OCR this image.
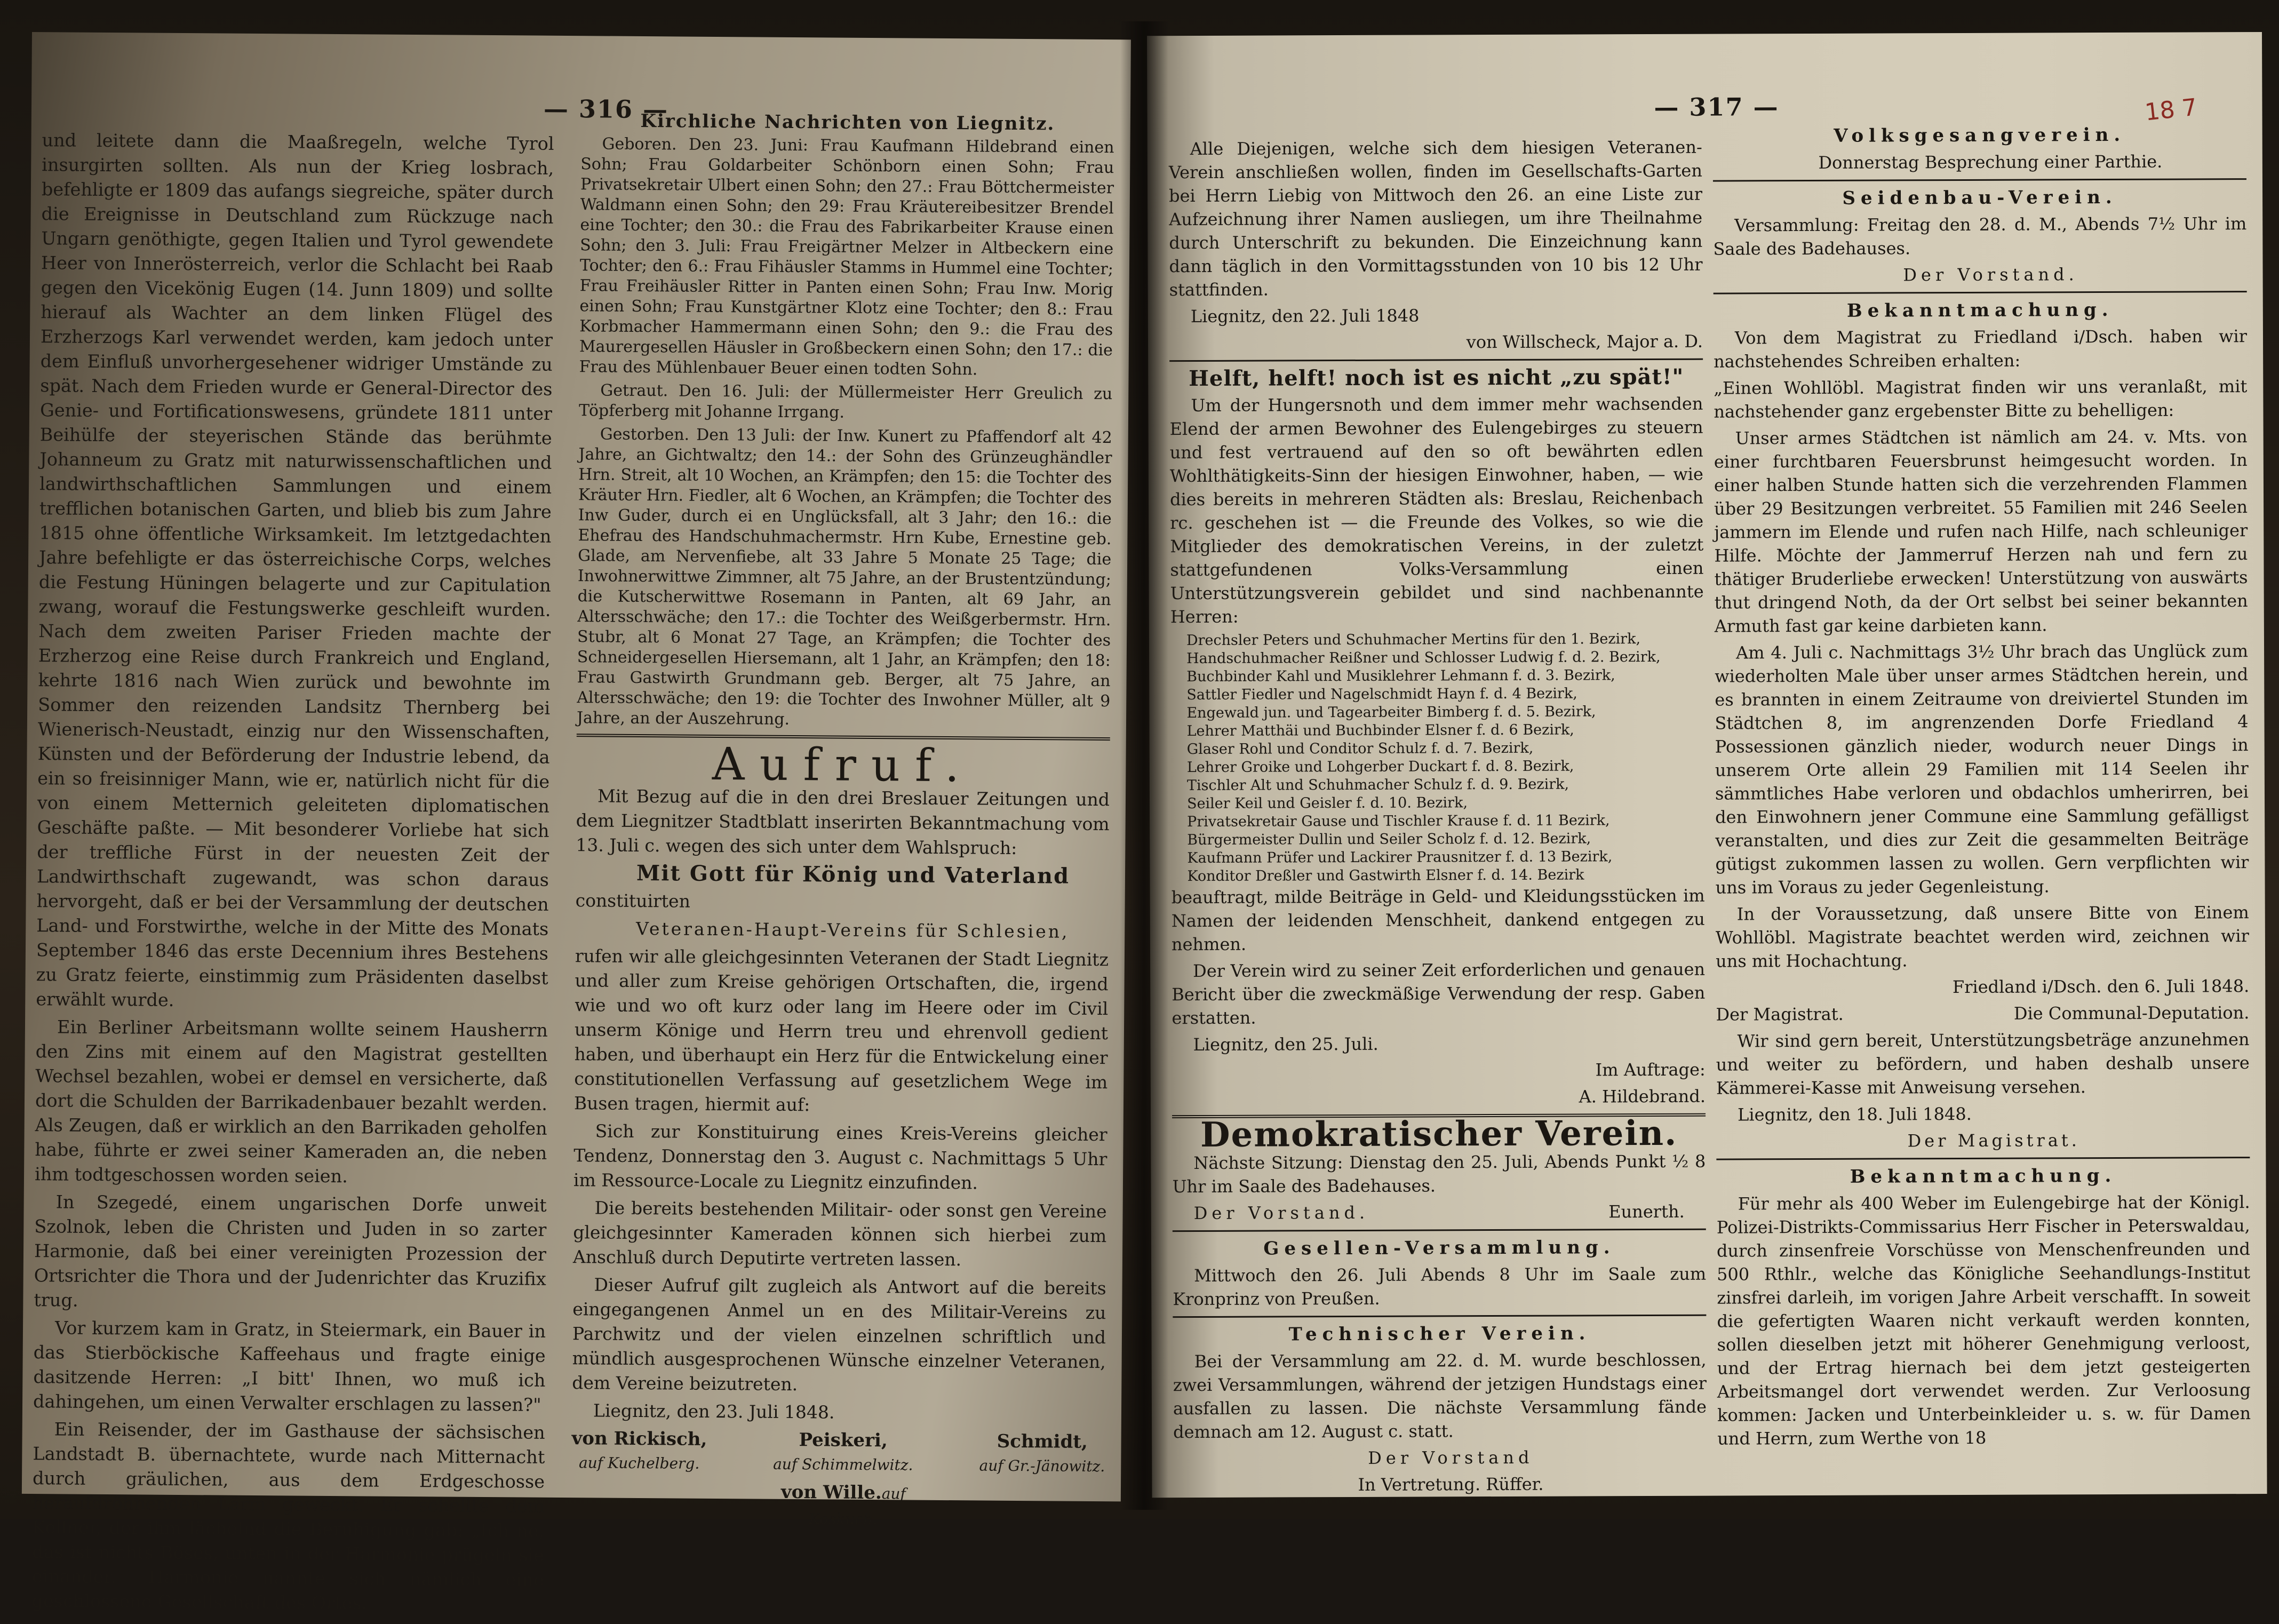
— 316 —

und leitete dann die Maaßregeln, welche Tyrol insurgirten sollten. Als nun der Krieg losbrach, befehligte er 1809 das aufangs siegreiche, später durch die Ereignisse in Deutschland zum Rückzuge nach Ungarn genöthigte, gegen Italien und Tyrol gewendete Heer von Innerösterreich, verlor die Schlacht bei Raab gegen den Vicekönig Eugen (14. Junn 1809) und sollte hierauf als Wachter an dem linken Flügel des Erzherzogs Karl verwendet werden, kam jedoch unter dem Einfluß unvorhergesehener widriger Umstände zu spät. Nach dem Frieden wurde er General-Director des Genie- und Fortificationswesens, gründete 1811 unter Beihülfe der steyerischen Stände das berühmte Johanneum zu Gratz mit naturwissenschaftlichen und landwirthschaftlichen Sammlungen und einem trefflichen botanischen Garten, und blieb bis zum Jahre 1815 ohne öffentliche Wirksamkeit. Im letztgedachten Jahre befehligte er das österreichische Corps, welches die Festung Hüningen belagerte und zur Capitulation zwang, worauf die Festungswerke geschleift wurden. Nach dem zweiten Pariser Frieden machte der Erzherzog eine Reise durch Frankreich und England, kehrte 1816 nach Wien zurück und bewohnte im Sommer den reizenden Landsitz Thernberg bei Wienerisch-Neustadt, einzig nur den Wissenschaften, Künsten und der Beförderung der Industrie lebend, da ein so freisinniger Mann, wie er, natürlich nicht für die von einem Metternich geleiteten diplomatischen Geschäfte paßte. — Mit besonderer Vorliebe hat sich der treffliche Fürst in der neuesten Zeit der Landwirthschaft zugewandt, was schon daraus hervorgeht, daß er bei der Versammlung der deutschen Land- und Forstwirthe, welche in der Mitte des Monats September 1846 das erste Decennium ihres Bestehens zu Gratz feierte, einstimmig zum Präsidenten daselbst erwählt wurde.

Ein Berliner Arbeitsmann wollte seinem Hausherrn den Zins mit einem auf den Magistrat gestellten Wechsel bezahlen, wobei er demsel en versicherte, daß dort die Schulden der Barrikadenbauer bezahlt werden. Als Zeugen, daß er wirklich an den Barrikaden geholfen habe, führte er zwei seiner Kameraden an, die neben ihm todtgeschossen worden seien.

In Szegedé, einem ungarischen Dorfe unweit Szolnok, leben die Christen und Juden in so zarter Harmonie, daß bei einer vereinigten Prozession der Ortsrichter die Thora und der Judenrichter das Kruzifix trug.

Vor kurzem kam in Gratz, in Steiermark, ein Bauer in das Stierböckische Kaffeehaus und fragte einige dasitzende Herren: „I bitt' Ihnen, wo muß ich dahingehen, um einen Verwalter erschlagen zu lassen?"

Ein Reisender, der im Gasthause der sächsischen Landstadt B. übernachtete, wurde nach Mitternacht durch gräulichen, aus dem Erdgeschosse heraufdröhnenden Lärm geweckt. Er schellte dem Kellner, der ihm lächelnd die Beruhigung gab: „Ich ne, das ist nichts Böses, unten in der Harmonie prügeln sie einander." Harmonie nannte sich nämlich eine geschlossene Gesellschaft des Ortes.

Kirchliche Nachrichten von Liegnitz.

Geboren. Den 23. Juni: Frau Kaufmann Hildebrand einen Sohn; Frau Goldarbeiter Schönborn einen Sohn; Frau Privatsekretair Ulbert einen Sohn; den 27.: Frau Böttchermeister Waldmann einen Sohn; den 29: Frau Kräutereibesitzer Brendel eine Tochter; den 30.: die Frau des Fabrikarbeiter Krause einen Sohn; den 3. Juli: Frau Freigärtner Melzer in Altbeckern eine Tochter; den 6.: Frau Fihäusler Stamms in Hummel eine Tochter; Frau Freihäusler Ritter in Panten einen Sohn; Frau Inw. Morig einen Sohn; Frau Kunstgärtner Klotz eine Tochter; den 8.: Frau Korbmacher Hammermann einen Sohn; den 9.: die Frau des Maurergesellen Häusler in Großbeckern einen Sohn; den 17.: die Frau des Mühlenbauer Beuer einen todten Sohn.

Getraut. Den 16. Juli: der Müllermeister Herr Greulich zu Töpferberg mit Johanne Irrgang.

Gestorben. Den 13 Juli: der Inw. Kunert zu Pfaffendorf alt 42 Jahre, an Gichtwaltz; den 14.: der Sohn des Grünzeughändler Hrn. Streit, alt 10 Wochen, an Krämpfen; den 15: die Tochter des Kräuter Hrn. Fiedler, alt 6 Wochen, an Krämpfen; die Tochter des Inw Guder, durch ei en Unglücksfall, alt 3 Jahr; den 16.: die Ehefrau des Handschuhmachermstr. Hrn Kube, Ernestine geb. Glade, am Nervenfiebe, alt 33 Jahre 5 Monate 25 Tage; die Inwohnerwittwe Zimmner, alt 75 Jahre, an der Brustentzündung; die Kutscherwittwe Rosemann in Panten, alt 69 Jahr, an Altersschwäche; den 17.: die Tochter des Weißgerbermstr. Hrn. Stubr, alt 6 Monat 27 Tage, an Krämpfen; die Tochter des Schneidergesellen Hiersemann, alt 1 Jahr, an Krämpfen; den 18: Frau Gastwirth Grundmann geb. Berger, alt 75 Jahre, an Altersschwäche; den 19: die Tochter des Inwohner Müller, alt 9 Jahre, an der Auszehrung.

Aufruf.

Mit Bezug auf die in den drei Breslauer Zeitungen und dem Liegnitzer Stadtblatt inserirten Bekanntmachung vom 13. Juli c. wegen des sich unter dem Wahlspruch:

Mit Gott für König und Vaterland

constituirten

Veteranen-Haupt-Vereins für Schlesien,

rufen wir alle gleichgesinnten Veteranen der Stadt Liegnitz und aller zum Kreise gehörigen Ortschaften, die, irgend wie und wo oft kurz oder lang im Heere oder im Civil unserm Könige und Herrn treu und ehrenvoll gedient haben, und überhaupt ein Herz für die Entwickelung einer constitutionellen Verfassung auf gesetzlichem Wege im Busen tragen, hiermit auf:

Sich zur Konstituirung eines Kreis-Vereins gleicher Tendenz, Donnerstag den 3. August c. Nachmittags 5 Uhr im Ressource-Locale zu Liegnitz einzufinden.

Die bereits bestehenden Militair- oder sonst gen Vereine gleichgesinnter Kameraden können sich hierbei zum Anschluß durch Deputirte vertreten lassen.

Dieser Aufruf gilt zugleich als Antwort auf die bereits eingegangenen Anmel un en des Militair-Vereins zu Parchwitz und der vielen einzelnen schriftlich und mündlich ausgesprochenen Wünsche einzelner Veteranen, dem Vereine beizutreten.

Liegnitz, den 23. Juli 1848.

von Rickisch,
auf Kuchelberg.
Peiskeri,
auf Schimmelwitz.
Schmidt,
auf Gr.-Jänowitz.
von Wille.auf Koskuch.
— 317 —	18 7

Alle Diejenigen, welche sich dem hiesigen Veteranen-Verein anschließen wollen, finden im Gesellschafts-Garten bei Herrn Liebig von Mittwoch den 26. an eine Liste zur Aufzeichnung ihrer Namen ausliegen, um ihre Theilnahme durch Unterschrift zu bekunden. Die Einzeichnung kann dann täglich in den Vormittagsstunden von 10 bis 12 Uhr stattfinden.

Liegnitz, den 22. Juli 1848

von Willscheck, Major a. D.

Helft, helft! noch ist es nicht „zu spät!"

Um der Hungersnoth und dem immer mehr wachsenden Elend der armen Bewohner des Eulengebirges zu steuern und fest vertrauend auf den so oft bewährten edlen Wohlthätigkeits-Sinn der hiesigen Einwohner, haben, — wie dies bereits in mehreren Städten als: Breslau, Reichenbach rc. geschehen ist — die Freunde des Volkes, so wie die Mitglieder des demokratischen Vereins, in der zuletzt stattgefundenen Volks-Versammlung einen Unterstützungsverein gebildet und sind nachbenannte Herren:

Drechsler Peters und Schuhmacher Mertins für den 1. Bezirk,
Handschuhmacher Reißner und Schlosser Ludwig f. d. 2. Bezirk,
Buchbinder Kahl und Musiklehrer Lehmann f. d. 3. Bezirk,
Sattler Fiedler und Nagelschmidt Hayn f. d. 4 Bezirk,
Engewald jun. und Tagearbeiter Bimberg f. d. 5. Bezirk,
Lehrer Matthäi und Buchbinder Elsner f. d. 6 Bezirk,
Glaser Rohl und Conditor Schulz f. d. 7. Bezirk,
Lehrer Groike und Lohgerber Duckart f. d. 8. Bezirk,
Tischler Alt und Schuhmacher Schulz f. d. 9. Bezirk,
Seiler Keil und Geisler f. d. 10. Bezirk,
Privatsekretair Gause und Tischler Krause f. d. 11 Bezirk,
Bürgermeister Dullin und Seiler Scholz f. d. 12. Bezirk,
Kaufmann Prüfer und Lackirer Prausnitzer f. d. 13 Bezirk,
Konditor Dreßler und Gastwirth Elsner f. d. 14. Bezirk

beauftragt, milde Beiträge in Geld- und Kleidungsstücken im Namen der leidenden Menschheit, dankend entgegen zu nehmen.

Der Verein wird zu seiner Zeit erforderlichen und genauen Bericht über die zweckmäßige Verwendung der resp. Gaben erstatten.

Liegnitz, den 25. Juli.

Im Auftrage:

A. Hildebrand.

Demokratischer Verein.

Nächste Sitzung: Dienstag den 25. Juli, Abends Punkt ½ 8 Uhr im Saale des Badehauses.

Der Vorstand.	Eunerth.
Gesellen-Versammlung.

Mittwoch den 26. Juli Abends 8 Uhr im Saale zum Kronprinz von Preußen.

Technischer Verein.

Bei der Versammlung am 22. d. M. wurde beschlossen, zwei Versammlungen, während der jetzigen Hundstags einer ausfallen zu lassen. Die nächste Versammlung fände demnach am 12. August c. statt.

Der Vorstand

In Vertretung. Rüffer.

Volksgesangverein.

Donnerstag Besprechung einer Parthie.

Seidenbau-Verein.

Versammlung: Freitag den 28. d. M., Abends 7½ Uhr im Saale des Badehauses.

Der Vorstand.

Bekanntmachung.

Von dem Magistrat zu Friedland i/Dsch. haben wir nachstehendes Schreiben erhalten:

„Einen Wohllöbl. Magistrat finden wir uns veranlaßt, mit nachstehender ganz ergebenster Bitte zu behelligen:

Unser armes Städtchen ist nämlich am 24. v. Mts. von einer furchtbaren Feuersbrunst heimgesucht worden. In einer halben Stunde hatten sich die verzehrenden Flammen über 29 Besitzungen verbreitet. 55 Familien mit 246 Seelen jammern im Elende und rufen nach Hilfe, nach schleuniger Hilfe. Möchte der Jammerruf Herzen nah und fern zu thätiger Bruderliebe erwecken! Unterstützung von auswärts thut dringend Noth, da der Ort selbst bei seiner bekannten Armuth fast gar keine darbieten kann.

Am 4. Juli c. Nachmittags 3½ Uhr brach das Unglück zum wiederholten Male über unser armes Städtchen herein, und es brannten in einem Zeitraume von dreiviertel Stunden im Städtchen 8, im angrenzenden Dorfe Friedland 4 Possessionen gänzlich nieder, wodurch neuer Dings in unserem Orte allein 29 Familien mit 114 Seelen ihr sämmtliches Habe verloren und obdachlos umherirren, bei den Einwohnern jener Commune eine Sammlung gefälligst veranstalten, und dies zur Zeit die gesammelten Beiträge gütigst zukommen lassen zu wollen. Gern verpflichten wir uns im Voraus zu jeder Gegenleistung.

In der Voraussetzung, daß unsere Bitte von Einem Wohllöbl. Magistrate beachtet werden wird, zeichnen wir uns mit Hochachtung.

Friedland i/Dsch. den 6. Juli 1848.

Der Magistrat.	Die Communal-Deputation.

Wir sind gern bereit, Unterstützungsbeträge anzunehmen und weiter zu befördern, und haben deshalb unsere Kämmerei-Kasse mit Anweisung versehen.

Liegnitz, den 18. Juli 1848.

Der Magistrat.

Bekanntmachung.

Für mehr als 400 Weber im Eulengebirge hat der Königl. Polizei-Distrikts-Commissarius Herr Fischer in Peterswaldau, durch zinsenfreie Vorschüsse von Menschenfreunden und 500 Rthlr., welche das Königliche Seehandlungs-Institut zinsfrei darleih, im vorigen Jahre Arbeit verschafft. In soweit die gefertigten Waaren nicht verkauft werden konnten, sollen dieselben jetzt mit höherer Genehmigung verloost, und der Ertrag hiernach bei dem jetzt gesteigerten Arbeitsmangel dort verwendet werden. Zur Verloosung kommen: Jacken und Unterbeinkleider u. s. w. für Damen und Herrn, zum Werthe von 18
